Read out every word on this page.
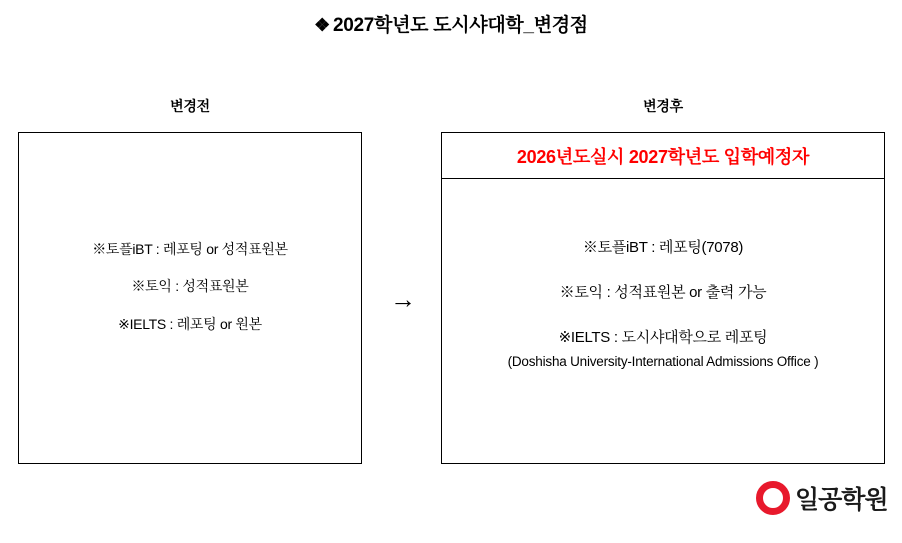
❖ 2027학년도 도시샤대학_변경점
변경전	변경후
※토플iBT : 레포팅 or 성적표원본
※토익 : 성적표원본
※IELTS : 레포팅 or 원본
→
2026년도실시 2027학년도 입학예정자
※토플iBT : 레포팅(7078)
※토익 : 성적표원본 or 출력 가능
※IELTS : 도시샤대학으로 레포팅
(Doshisha University-International Admissions Office )
일공학원
